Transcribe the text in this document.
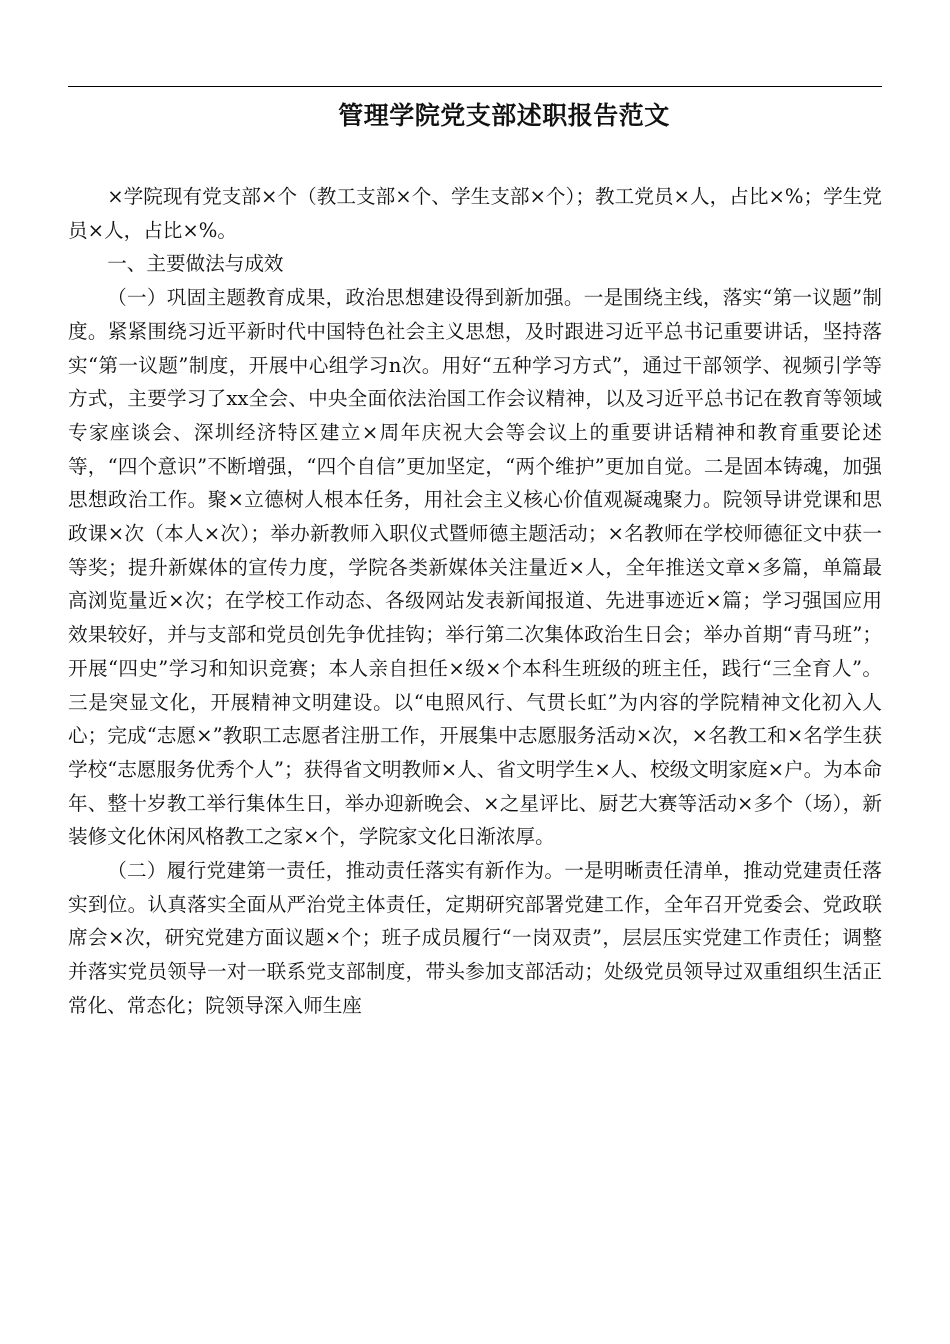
管理学院党支部述职报告范文

×学院现有党支部×个（教工支部×个、学生支部×个）；教工党员×人，占比×%；学生党员×人，占比×%。

一、主要做法与成效

（一）巩固主题教育成果，政治思想建设得到新加强。一是围绕主线，落实“第一议题”制度。紧紧围绕习近平新时代中国特色社会主义思想，及时跟进习近平总书记重要讲话，坚持落实“第一议题”制度，开展中心组学习n次。用好“五种学习方式”，通过干部领学、视频引学等方式，主要学习了xx全会、中央全面依法治国工作会议精神，以及习近平总书记在教育等领域专家座谈会、深圳经济特区建立×周年庆祝大会等会议上的重要讲话精神和教育重要论述等，“四个意识”不断增强，“四个自信”更加坚定，“两个维护”更加自觉。二是固本铸魂，加强思想政治工作。聚×立德树人根本任务，用社会主义核心价值观凝魂聚力。院领导讲党课和思政课×次（本人×次）；举办新教师入职仪式暨师德主题活动；×名教师在学校师德征文中获一等奖；提升新媒体的宣传力度，学院各类新媒体关注量近×人，全年推送文章×多篇，单篇最高浏览量近×次；在学校工作动态、各级网站发表新闻报道、先进事迹近×篇；学习强国应用效果较好，并与支部和党员创先争优挂钩；举行第二次集体政治生日会；举办首期“青马班”；开展“四史”学习和知识竞赛；本人亲自担任×级×个本科生班级的班主任，践行“三全育人”。三是突显文化，开展精神文明建设。以“电照风行、气贯长虹”为内容的学院精神文化初入人心；完成“志愿×”教职工志愿者注册工作，开展集中志愿服务活动×次，×名教工和×名学生获学校“志愿服务优秀个人”；获得省文明教师×人、省文明学生×人、校级文明家庭×户。为本命年、整十岁教工举行集体生日，举办迎新晚会、×之星评比、厨艺大赛等活动×多个（场），新装修文化休闲风格教工之家×个，学院家文化日渐浓厚。

（二）履行党建第一责任，推动责任落实有新作为。一是明晰责任清单，推动党建责任落实到位。认真落实全面从严治党主体责任，定期研究部署党建工作，全年召开党委会、党政联席会×次，研究党建方面议题×个；班子成员履行“一岗双责”，层层压实党建工作责任；调整并落实党员领导一对一联系党支部制度，带头参加支部活动；处级党员领导过双重组织生活正常化、常态化；院领导深入师生座
